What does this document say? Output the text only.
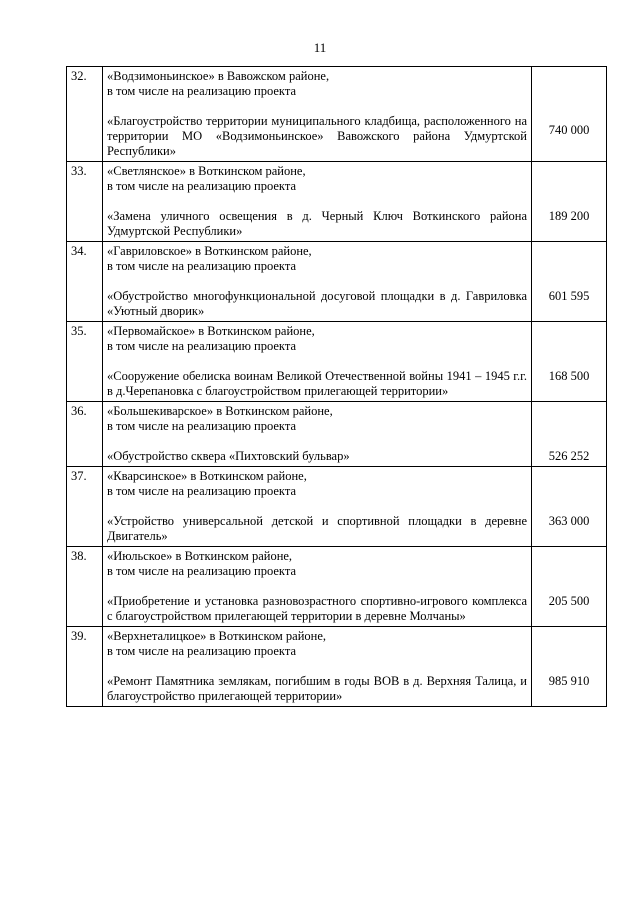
11
32.	«Водзимоньинское» в Вавожском районе,
в том числе на реализацию проекта
«Благоустройство территории муниципального кладбища, расположенного на территории МО «Водзимоньинское» Вавожского района Удмуртской Республики»	740 000

33.	«Светлянское» в Воткинском районе,
в том числе на реализацию проекта
«Замена уличного освещения в д. Черный Ключ Воткинского района Удмуртской Республики»	189 200

34.	«Гавриловское» в Воткинском районе,
в том числе на реализацию проекта
«Обустройство многофункциональной досуговой площадки в д. Гавриловка «Уютный дворик»	601 595

35.	«Первомайское» в Воткинском районе,
в том числе на реализацию проекта
«Сооружение обелиска воинам Великой Отечественной войны 1941 – 1945 г.г. в д.Черепановка с благоустройством прилегающей территории»	168 500

36.	«Большекиварское» в Воткинском районе,
в том числе на реализацию проекта
«Обустройство сквера «Пихтовский бульвар»	526 252

37.	«Кварсинское» в Воткинском районе,
в том числе на реализацию проекта
«Устройство универсальной детской и спортивной площадки в деревне Двигатель»	363 000

38.	«Июльское» в Воткинском районе,
в том числе на реализацию проекта
«Приобретение и установка разновозрастного спортивно-игрового комплекса с благоустройством прилегающей территории в деревне Молчаны»	205 500

39.	«Верхнеталицкое» в Воткинском районе,
в том числе на реализацию проекта
«Ремонт Памятника землякам, погибшим в годы ВОВ в д. Верхняя Талица, и благоустройство прилегающей территории»	985 910
